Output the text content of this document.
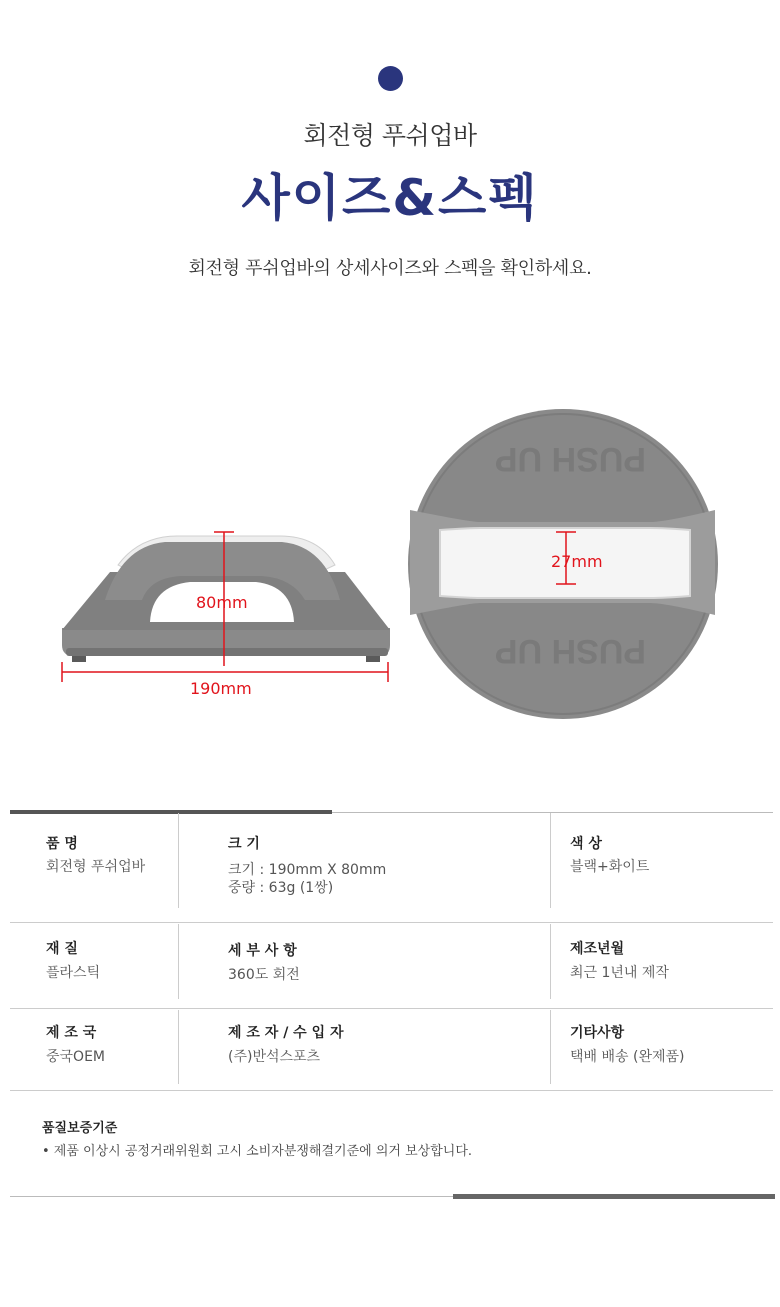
회전형 푸쉬업바
사이즈&스펙
회전형 푸쉬업바의 상세사이즈와 스펙을 확인하세요.
80mm
190mm
PUSH UP
PUSH UP
27mm
품 명
회전형 푸쉬업바
크 기
크기 : 190mm X 80mm
중량 : 63g (1쌍)
색 상
블랙+화이트
재 질
플라스틱
세 부 사 항
360도 회전
제조년월
최근 1년내 제작
제 조 국
중국OEM
제 조 자 / 수 입 자
(주)반석스포츠
기타사항
택배 배송 (완제품)
품질보증기준
• 제품 이상시 공정거래위원회 고시 소비자분쟁해결기준에 의거 보상합니다.
